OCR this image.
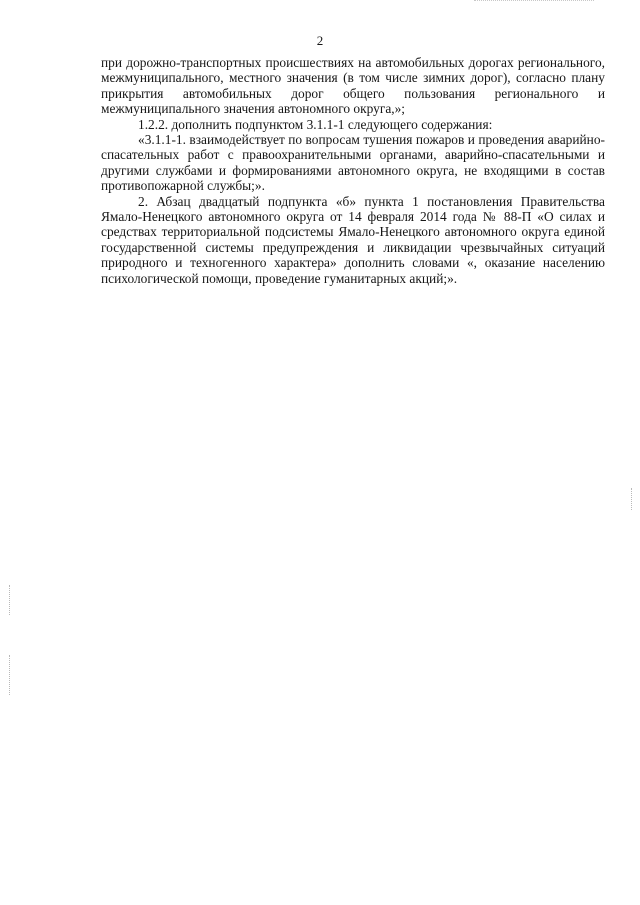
2

при дорожно-транспортных происшествиях на автомобильных дорогах регионального, межмуниципального, местного значения (в том числе зимних дорог), согласно плану прикрытия автомобильных дорог общего пользования регионального и межмуниципального значения автономного округа,»;

1.2.2. дополнить подпунктом 3.1.1-1 следующего содержания:

«3.1.1-1. взаимодействует по вопросам тушения пожаров и проведения аварийно-спасательных работ с правоохранительными органами, аварийно-спасательными и другими службами и формированиями автономного округа, не входящими в состав противопожарной службы;».

2. Абзац двадцатый подпункта «б» пункта 1 постановления Правительства Ямало-Ненецкого автономного округа от 14 февраля 2014 года № 88-П «О силах и средствах территориальной подсистемы Ямало-Ненецкого автономного округа единой государственной системы предупреждения и ликвидации чрезвычайных ситуаций природного и техногенного характера» дополнить словами «, оказание населению психологической помощи, проведение гуманитарных акций;».
